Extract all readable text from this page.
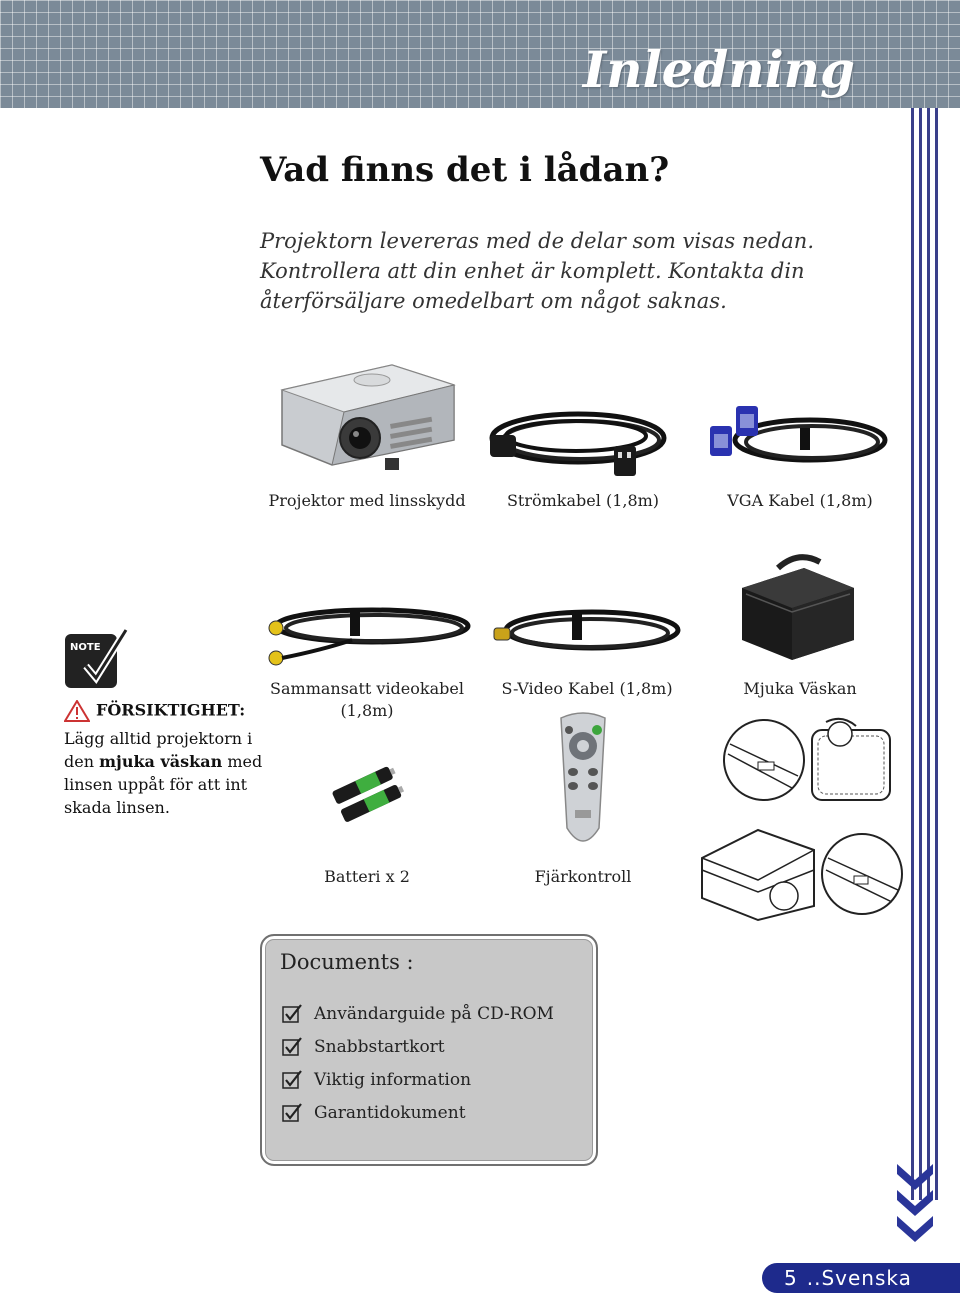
Inledning
Vad finns det i lådan?
Projektorn levereras med de delar som visas nedan.
Kontrollera att din enhet är komplett. Kontakta din
återförsäljare omedelbart om något saknas.
Projektor med linsskydd	Strömkabel (1,8m)	VGA Kabel (1,8m)
Sammansatt videokabel
(1,8m)
S-Video Kabel (1,8m)	Mjuka Väskan
NOTE
FÖRSIKTIGHET:
Lägg alltid projektorn i den mjuka väskan med linsen uppåt för att int skada linsen.
Batteri x 2	Fjärkontroll
Documents :
Användarguide på CD-ROM
Snabbstartkort
Viktig information
Garantidokument
5 ..Svenska
